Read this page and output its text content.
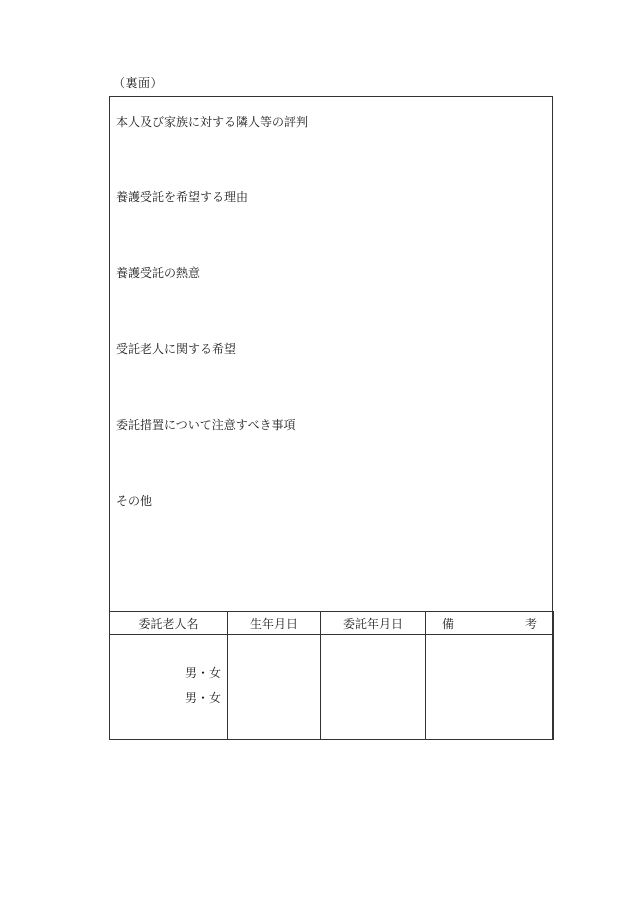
（裏面）
本人及び家族に対する隣人等の評判
養護受託を希望する理由
養護受託の熱意
受託老人に関する希望
委託措置について注意すべき事項
その他
委託老人名	生年月日	委託年月日	備 考

男・女
男・女			
